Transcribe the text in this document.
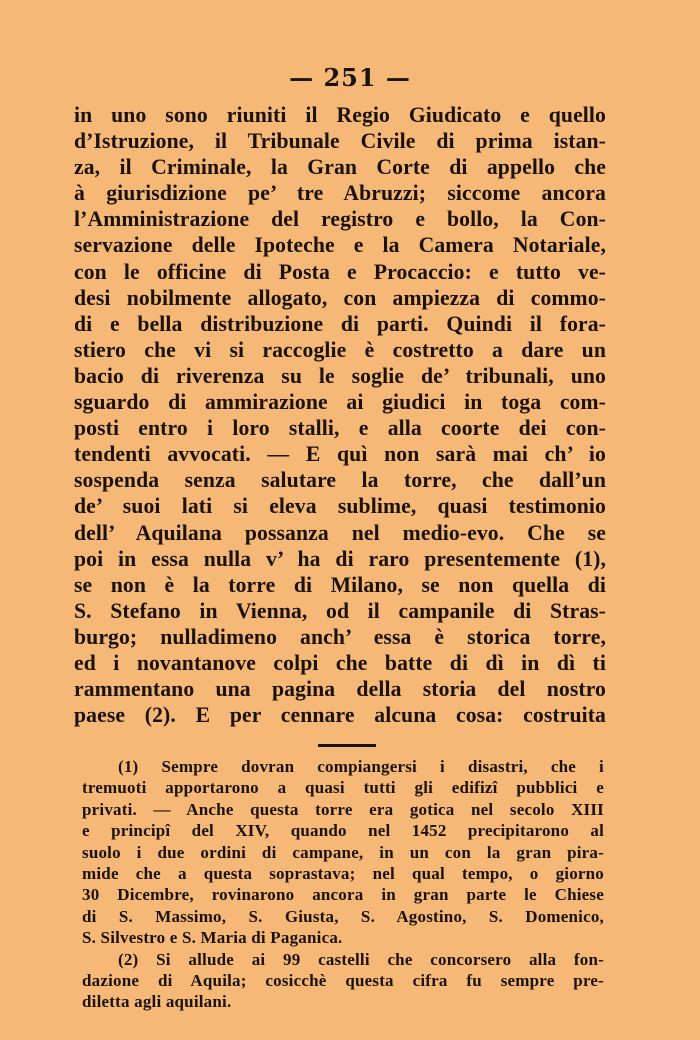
— 251 —
in uno sono riuniti il Regio Giudicato e quello
d’Istruzione, il Tribunale Civile di prima istan-
za, il Criminale, la Gran Corte di appello che
à giurisdizione pe’ tre Abruzzi; siccome ancora
l’Amministrazione del registro e bollo, la Con-
servazione delle Ipoteche e la Camera Notariale,
con le officine di Posta e Procaccio: e tutto ve-
desi nobilmente allogato, con ampiezza di commo-
di e bella distribuzione di parti. Quindi il fora-
stiero che vi si raccoglie è costretto a dare un
bacio di riverenza su le soglie de’ tribunali, uno
sguardo di ammirazione ai giudici in toga com-
posti entro i loro stalli, e alla coorte dei con-
tendenti avvocati. — E quì non sarà mai ch’ io
sospenda senza salutare la torre, che dall’un
de’ suoi lati si eleva sublime, quasi testimonio
dell’ Aquilana possanza nel medio-evo. Che se
poi in essa nulla v’ ha di raro presentemente (1),
se non è la torre di Milano, se non quella di
S. Stefano in Vienna, od il campanile di Stras-
burgo; nulladimeno anch’ essa è storica torre,
ed i novantanove colpi che batte di dì in dì ti
rammentano una pagina della storia del nostro
paese (2). E per cennare alcuna cosa: costruita
(1) Sempre dovran compiangersi i disastri, che i
tremuoti apportarono a quasi tutti gli edifizî pubblici e
privati. — Anche questa torre era gotica nel secolo XIII
e principî del XIV, quando nel 1452 precipitarono al
suolo i due ordini di campane, in un con la gran pira-
mide che a questa soprastava; nel qual tempo, o giorno
30 Dicembre, rovinarono ancora in gran parte le Chiese
di S. Massimo, S. Giusta, S. Agostino, S. Domenico,
S. Silvestro e S. Maria di Paganica.
(2) Si allude ai 99 castelli che concorsero alla fon-
dazione di Aquila; cosicchè questa cifra fu sempre pre-
diletta agli aquilani.
